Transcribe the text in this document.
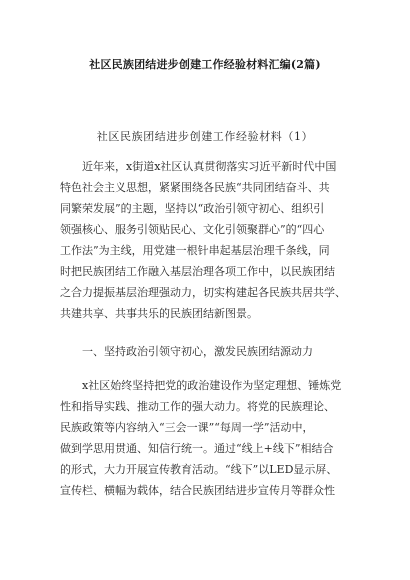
社区民族团结进步创建工作经验材料汇编(2篇)
社区民族团结进步创建工作经验材料（1）
近年来，x街道x社区认真贯彻落实习近平新时代中国
特色社会主义思想，紧紧围绕各民族“共同团结奋斗、共
同繁荣发展”的主题，坚持以“政治引领守初心、组织引
领强核心、服务引领贴民心、文化引领聚群心”的“四心
工作法”为主线，用党建一根针串起基层治理千条线，同
时把民族团结工作融入基层治理各项工作中，以民族团结
之合力提振基层治理强动力，切实构建起各民族共居共学、
共建共享、共事共乐的民族团结新图景。
一、坚持政治引领守初心，激发民族团结源动力
x社区始终坚持把党的政治建设作为坚定理想、锤炼党
性和指导实践、推动工作的强大动力。将党的民族理论、
民族政策等内容纳入“三会一课”“每周一学”活动中，
做到学思用贯通、知信行统一。通过“线上+线下”相结合
的形式，大力开展宣传教育活动。“线下”以LED显示屏、
宣传栏、横幅为载体，结合民族团结进步宣传月等群众性
